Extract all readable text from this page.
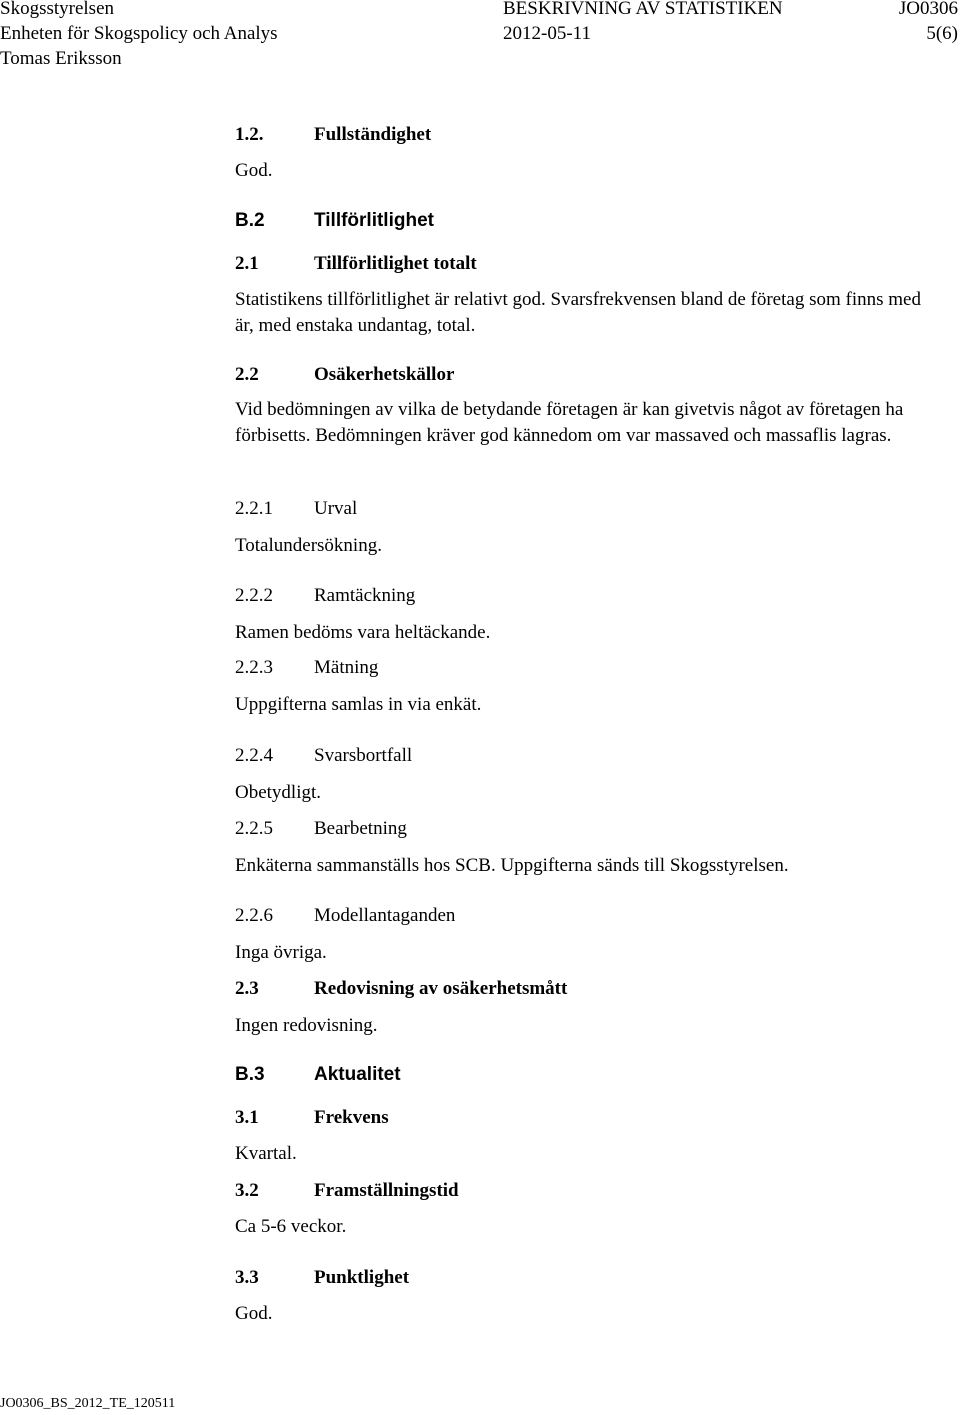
Skogsstyrelsen	BESKRIVNING AV STATISTIKEN	JO0306
Enheten för Skogspolicy och Analys	2012-05-11	5(6)
Tomas Eriksson
1.2.	Fullständighet
God.
B.2	Tillförlitlighet
2.1	Tillförlitlighet totalt
Statistikens tillförlitlighet är relativt god. Svarsfrekvensen bland de företag som finns med är, med enstaka undantag, total.
2.2	Osäkerhetskällor
Vid bedömningen av vilka de betydande företagen är kan givetvis något av företagen ha förbisetts. Bedömningen kräver god kännedom om var massaved och massaflis lagras.
2.2.1 Urval
Totalundersökning.
2.2.2 Ramtäckning
Ramen bedöms vara heltäckande.
2.2.3 Mätning
Uppgifterna samlas in via enkät.
2.2.4 Svarsbortfall
Obetydligt.
2.2.5 Bearbetning
Enkäterna sammanställs hos SCB. Uppgifterna sänds till Skogsstyrelsen.
2.2.6 Modellantaganden
Inga övriga.
2.3	Redovisning av osäkerhetsmått
Ingen redovisning.
B.3	Aktualitet
3.1	Frekvens
Kvartal.
3.2	Framställningstid
Ca 5-6 veckor.
3.3	Punktlighet
God.
JO0306_BS_2012_TE_120511
